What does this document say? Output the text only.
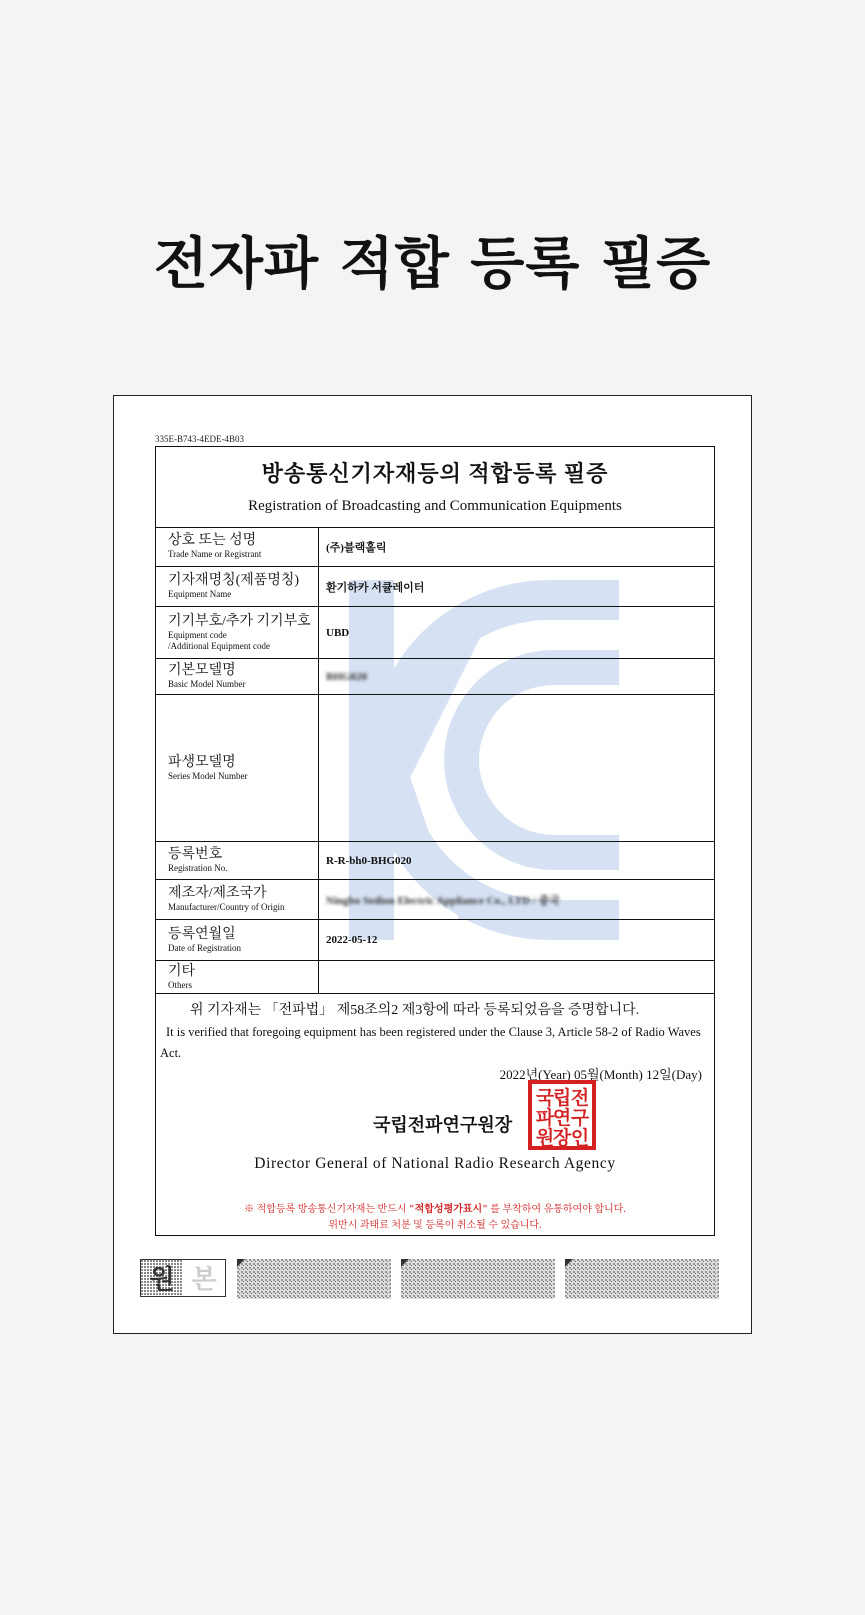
전자파 적합 등록 필증
335E-B743-4EDE-4B03
방송통신기자재등의 적합등록 필증
Registration of Broadcasting and Communication Equipments
상호 또는 성명
Trade Name or Registrant
(주)블랙홀릭
기자재명칭(제품명칭)
Equipment Name
환기하카 서큘레이터
기기부호/추가 기기부호
Equipment code
/Additional Equipment code
UBD
기본모델명
Basic Model Number
BHG020
파생모델명
Series Model Number
등록번호
Registration No.
R-R-bh0-BHG020
제조자/제조국가
Manufacturer/Country of Origin
Ningbo Sedion Electric Appliance Co., LTD / 중국
등록연월일
Date of Registration
2022-05-12
기타
Others
위 기자재는 「전파법」 제58조의2 제3항에 따라 등록되었음을 증명합니다.
It is verified that foregoing equipment has been registered under the Clause 3, Article 58-2 of Radio Waves Act.
2022년(Year) 05월(Month) 12일(Day)
국립전파연구원장
국
립 전
파
연 구
원
장 인
Director General of National Radio Research Agency
※ 적합등록 방송통신기자재는 반드시 "적합성평가표시" 를 부착하여 유통하여야 합니다.
위반시 과태료 처분 및 등록이 취소될 수 있습니다.
원 본
